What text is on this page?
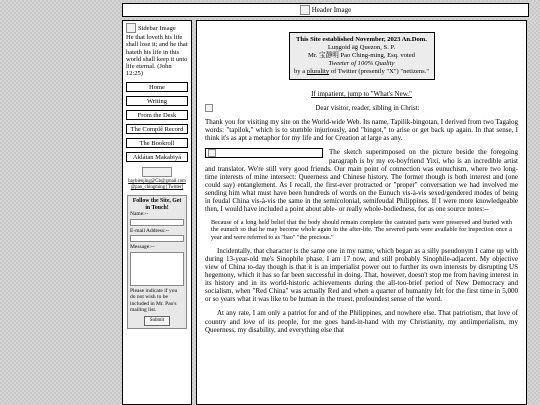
Header Image
Sidebar Image
He that loveth his life shall lose it; and he that hateth his life in this world shall keep it unto life eternal. (John 12:25)
Home
Writing
From the Desk
The Complê Record
The Bookroll
Aklátan Makabiyá

baybienjing@Gb@gmail.com
@pao_chingming [Twitter]
Follow the Site, Get in Touch!
Name:--
E-mail Address:--
Message:--
Please indicate if you do not wish to be included in Mr. Pao's mailing list.
Submit
This Site established November, 2023 An.Dom.
Luņgoid āḡ Quezon, S. P.
Mr. 宝靜明 Pao Ching-ming, Esq. voted
Tweeter of 100% Quality
by a plurality of Twitter (presently "X") "netizens."
If impatient, jump to "What's New."
Dear visitor, reader, sibling in Christ:

Thank you for visiting my site on the World-wide Web. Its name, Tapilik-bingotan, I derived from two Tagalog words: "tapilok," which is to stumble injuriously, and "bingot," to arise or get back up again. In that sense, I think it's as apt a metaphor for my life and for Creation at large as any.

The sketch superimposed on the picture beside the foregoing paragraph is by my ex-boyfriend Yixi, who is an incredible artist and translator. We're still very good friends. Our main point of connection was eunuchism, where two long-time interests of mine intersect: Queerness and Chinese history. The former though is both interest and (one could say) entanglement. As I recall, the first-ever protracted or "proper" conversation we had involved me sending him what must have been hundreds of words on the Eunuch vis-à-vis sexed/gendered modes of being in feudal China vis-à-vis the same in the semicolonial, semifeudal Philippines. If I were more knowledgeable then, I would have included a point about able- or really whole-bodiedness, for as one source notes:--

Because of a long held belief that the body should remain complete the castrated parts were preserved and buried with the eunuch so that he may become whole again in the after-life. The severed parts were available for inspection once a year and were referred to as "bao" "the precious."

Incidentally, that character is the same one in my name, which began as a silly pseudonym I came up with during 13-year-old me's Sinophile phase. I am 17 now, and still probably Sinophile-adjacent. My objective view of China to-day though is that it is an imperialist power out to further its own interests by disrupting US hegemony, which it has so far been successful in doing. That, however, doesn't stop me from having interest in its history and in its world-historic achievements during the all-too-brief period of New Democracy and socialism, when "Red China" was actually Red and when a quarter of humanity felt for the first time in 5,000 or so years what it was like to be human in the truest, profoundest sense of the word.

At any rate, I am only a patriot for and of the Philippines, and nowhere else. That patriotism, that love of country and love of its people, for me goes hand-in-hand with my Christianity, my antiimperialism, my Queerness, my disability, and everything else that
